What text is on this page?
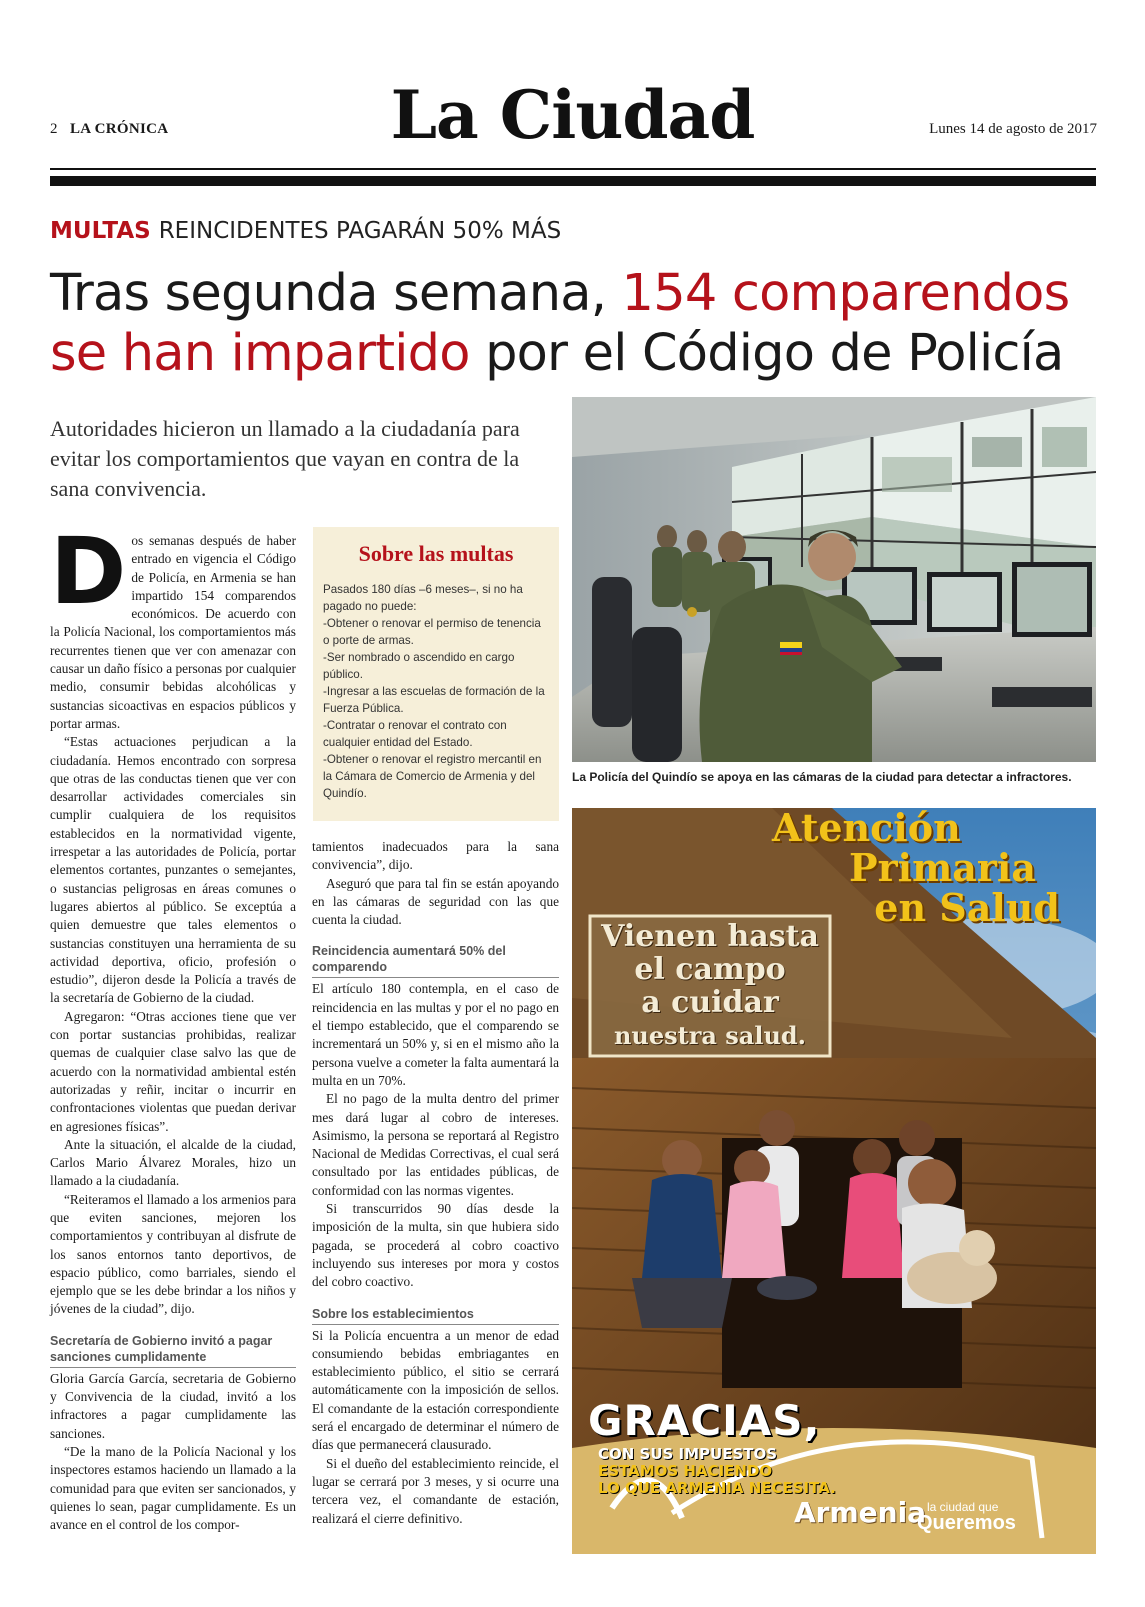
2 LA CRÓNICA	La Ciudad	Lunes 14 de agosto de 2017
MULTAS REINCIDENTES PAGARÁN 50% MÁS
Tras segunda semana, 154 comparendos se han impartido por el Código de Policía
Autoridades hicieron un llamado a la ciudadanía para evitar los comportamientos que vayan en contra de la sana convivencia.
D os semanas después de haber entrado en vigencia el Código de Policía, en Armenia se han impartido 154 comparendos económicos. De acuerdo con la Policía Nacional, los comportamientos más recurrentes tienen que ver con amenazar con causar un daño físico a personas por cualquier medio, consumir bebidas alcohólicas y sustancias sicoactivas en espacios públicos y portar armas.

“Estas actuaciones perjudican a la ciudadanía. Hemos encontrado con sorpresa que otras de las conductas tienen que ver con desarrollar actividades comerciales sin cumplir cualquiera de los requisitos establecidos en la normatividad vigente, irrespetar a las autoridades de Policía, portar elementos cortantes, punzantes o semejantes, o sustancias peligrosas en áreas comunes o lugares abiertos al público. Se exceptúa a quien demuestre que tales elementos o sustancias constituyen una herramienta de su actividad deportiva, oficio, profesión o estudio”, dijeron desde la Policía a través de la secretaría de Gobierno de la ciudad.

Agregaron: “Otras acciones tiene que ver con portar sustancias prohibidas, realizar quemas de cualquier clase salvo las que de acuerdo con la normatividad ambiental estén autorizadas y reñir, incitar o incurrir en confrontaciones violentas que puedan derivar en agresiones físicas”.

Ante la situación, el alcalde de la ciudad, Carlos Mario Álvarez Morales, hizo un llamado a la ciudadanía.

“Reiteramos el llamado a los armenios para que eviten sanciones, mejoren los comportamientos y contribuyan al disfrute de los sanos entornos tanto deportivos, de espacio público, como barriales, siendo el ejemplo que se les debe brindar a los niños y jóvenes de la ciudad”, dijo.

Secretaría de Gobierno invitó a pagar sanciones cumplidamente

Gloria García García, secretaria de Gobierno y Convivencia de la ciudad, invitó a los infractores a pagar cumplidamente las sanciones.

“De la mano de la Policía Nacional y los inspectores estamos haciendo un llamado a la comunidad para que eviten ser sancionados, y quienes lo sean, pagar cumplidamente. Es un avance en el control de los compor-

Sobre las multas
Pasados 180 días –6 meses–, si no ha pagado no puede:
-Obtener o renovar el permiso de tenencia o porte de armas.
-Ser nombrado o ascendido en cargo público.
-Ingresar a las escuelas de formación de la Fuerza Pública.
-Contratar o renovar el contrato con cualquier entidad del Estado.
-Obtener o renovar el registro mercantil en la Cámara de Comercio de Armenia y del Quindío.

tamientos inadecuados para la sana convivencia”, dijo.

Aseguró que para tal fin se están apoyando en las cámaras de seguridad con las que cuenta la ciudad.

Reincidencia aumentará 50% del comparendo

El artículo 180 contempla, en el caso de reincidencia en las multas y por el no pago en el tiempo establecido, que el comparendo se incrementará un 50% y, si en el mismo año la persona vuelve a cometer la falta aumentará la multa en un 70%.

El no pago de la multa dentro del primer mes dará lugar al cobro de intereses. Asimismo, la persona se reportará al Registro Nacional de Medidas Correctivas, el cual será consultado por las entidades públicas, de conformidad con las normas vigentes.

Si transcurridos 90 días desde la imposición de la multa, sin que hubiera sido pagada, se procederá al cobro coactivo incluyendo sus intereses por mora y costos del cobro coactivo.

Sobre los establecimientos

Si la Policía encuentra a un menor de edad consumiendo bebidas embriagantes en establecimiento público, el sitio se cerrará automáticamente con la imposición de sellos. El comandante de la estación correspondiente será el encargado de determinar el número de días que permanecerá clausurado.

Si el dueño del establecimiento reincide, el lugar se cerrará por 3 meses, y si ocurre una tercera vez, el comandante de estación, realizará el cierre definitivo.

La Policía del Quindío se apoya en las cámaras de la ciudad para detectar a infractores.
Atención
Primaria
en Salud
Vienen hasta
el campo
a cuidar
nuestra salud.
GRACIAS,
CON SUS IMPUESTOS
ESTAMOS HACIENDO
LO QUE ARMENIA NECESITA.
Armenia la ciudad que
Queremos
